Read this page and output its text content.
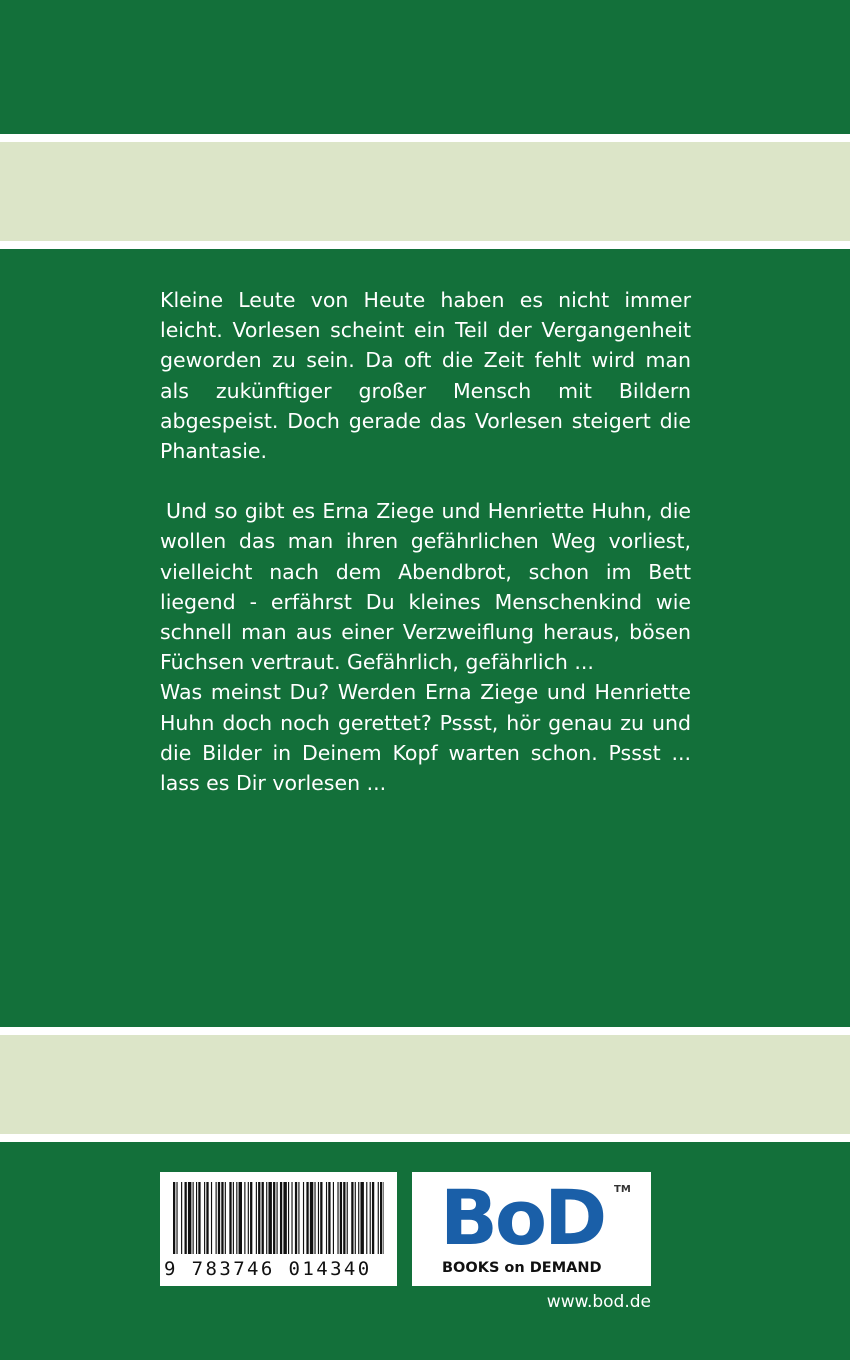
Kleine Leute von Heute haben es nicht immer leicht. Vorlesen scheint ein Teil der Vergangenheit geworden zu sein. Da oft die Zeit fehlt wird man als zukünftiger großer Mensch mit Bildern abgespeist. Doch gerade das Vorlesen steigert die Phantasie.

Und so gibt es Erna Ziege und Henriette Huhn, die wollen das man ihren gefährlichen Weg vorliest, vielleicht nach dem Abendbrot, schon im Bett liegend - erfährst Du kleines Menschenkind wie schnell man aus einer Verzweiflung heraus, bösen Füchsen vertraut. Gefährlich, gefährlich ...

Was meinst Du? Werden Erna Ziege und Henriette Huhn doch noch gerettet? Pssst, hör genau zu und die Bilder in Deinem Kopf warten schon. Pssst ... lass es Dir vorlesen ...

9 783746 014340
BoD TM
BOOKS on DEMAND
www.bod.de
